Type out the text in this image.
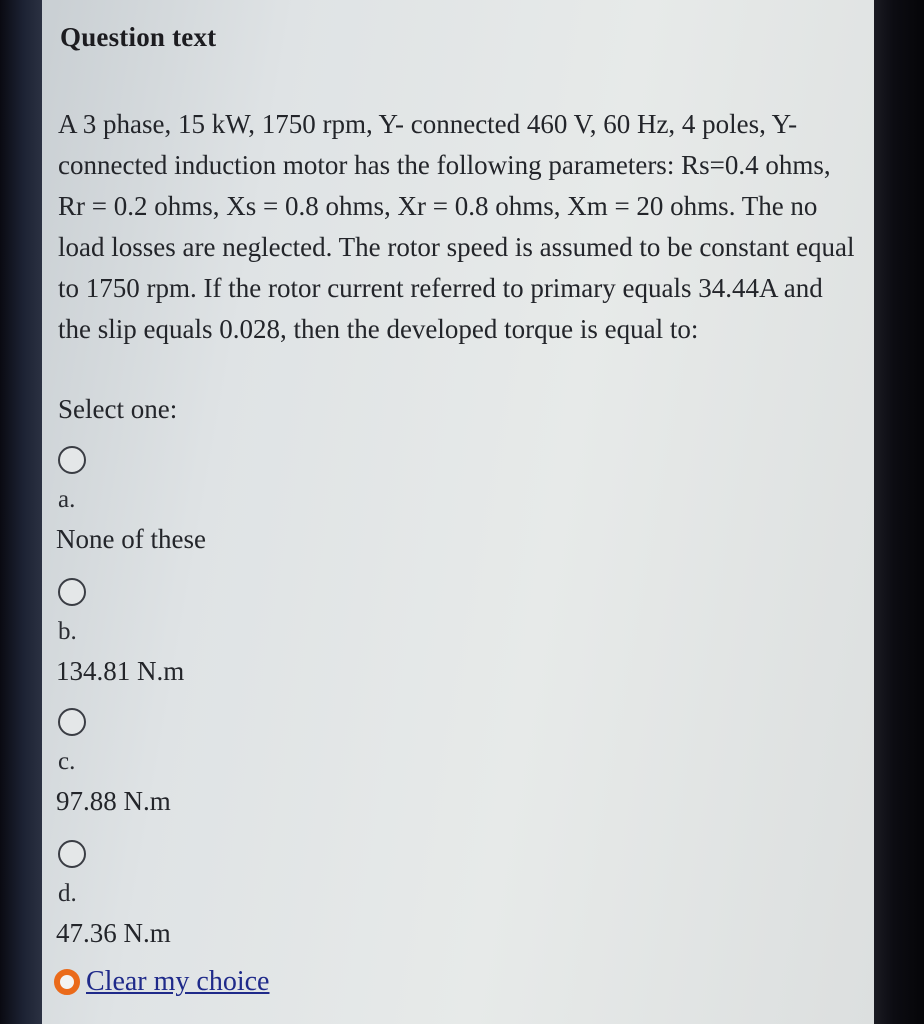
Question text

A 3 phase, 15 kW, 1750 rpm, Y- connected 460 V, 60 Hz, 4 poles, Y-connected induction motor has the following parameters: Rs=0.4 ohms, Rr = 0.2 ohms, Xs = 0.8 ohms, Xr = 0.8 ohms, Xm = 20 ohms. The no load losses are neglected. The rotor speed is assumed to be constant equal to 1750 rpm. If the rotor current referred to primary equals 34.44A and the slip equals 0.028, then the developed torque is equal to:

Select one:
a.
None of these
b.
134.81 N.m
c.
97.88 N.m
d.
47.36 N.m
Clear my choice
